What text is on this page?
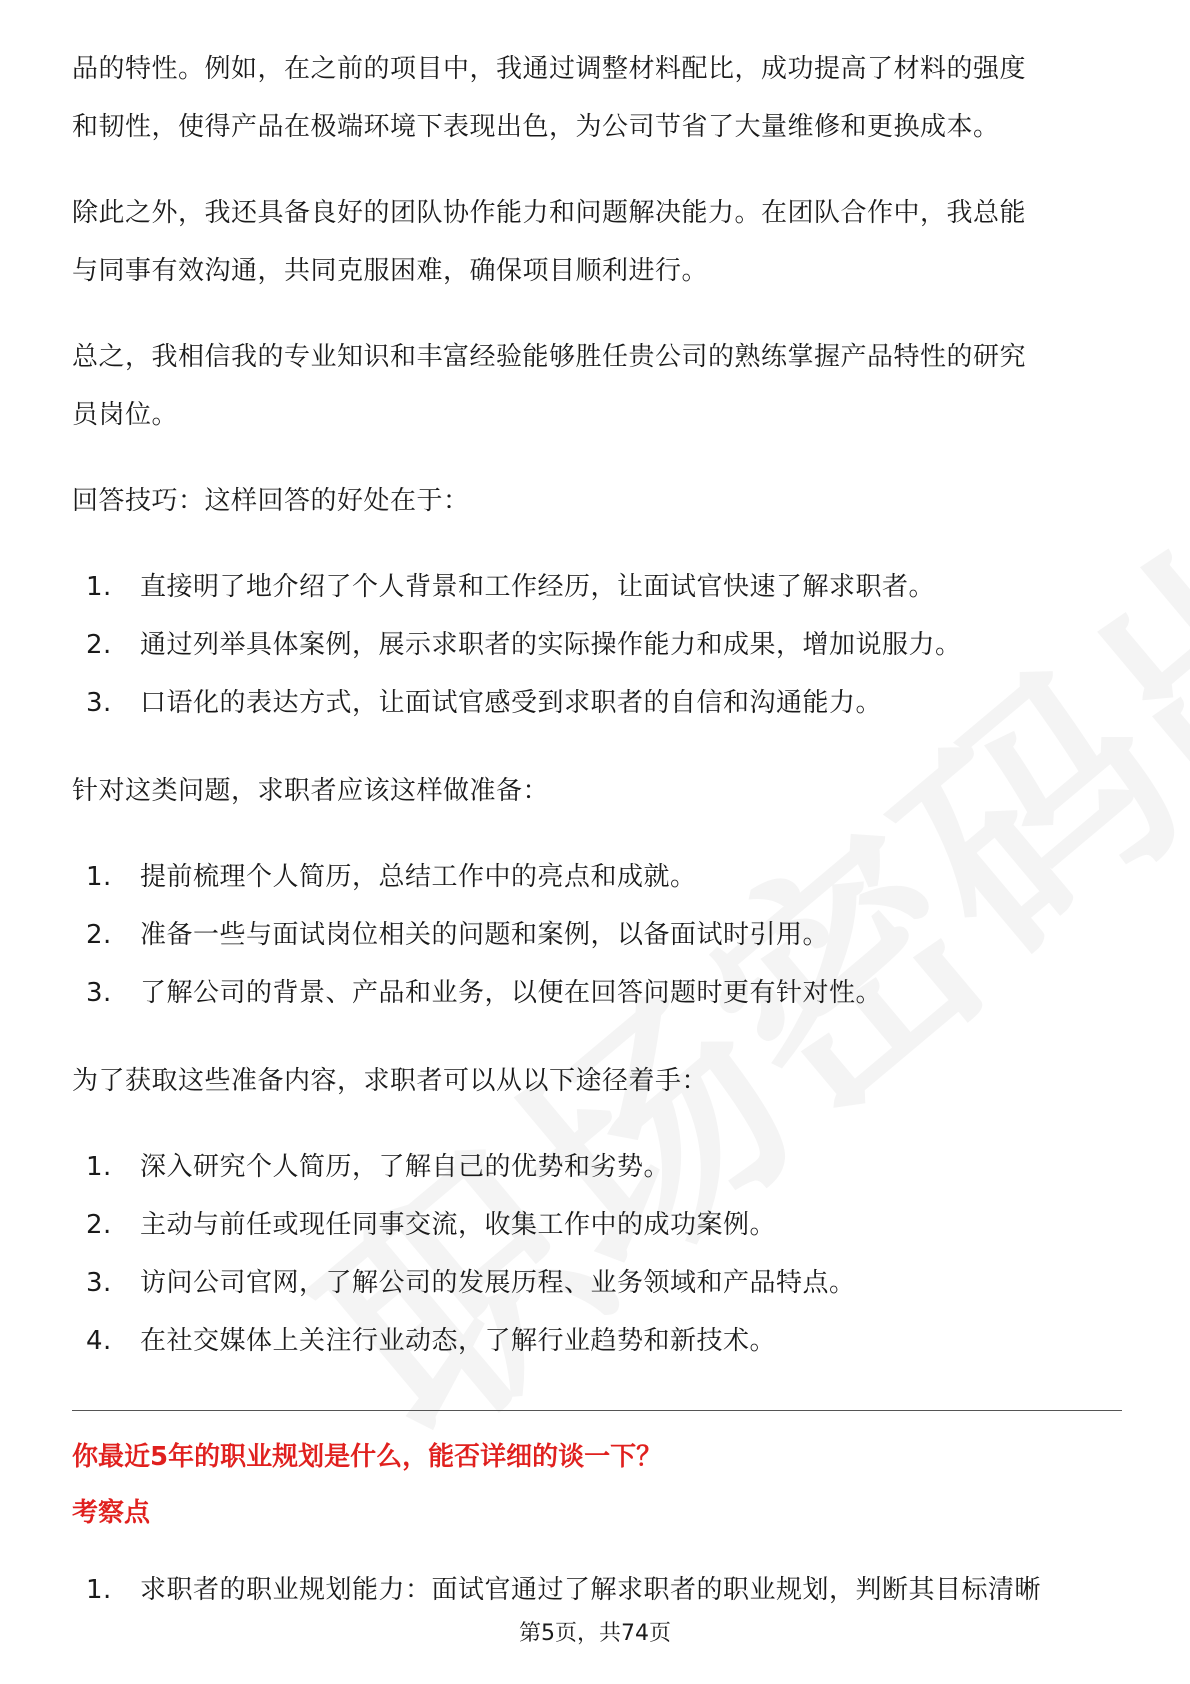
品的特性。例如，在之前的项目中，我通过调整材料配比，成功提高了材料的强度
和韧性，使得产品在极端环境下表现出色，为公司节省了大量维修和更换成本。

除此之外，我还具备良好的团队协作能力和问题解决能力。在团队合作中，我总能
与同事有效沟通，共同克服困难，确保项目顺利进行。

总之，我相信我的专业知识和丰富经验能够胜任贵公司的熟练掌握产品特性的研究
员岗位。

回答技巧：这样回答的好处在于：

1.	直接明了地介绍了个人背景和工作经历，让面试官快速了解求职者。
2.	通过列举具体案例，展示求职者的实际操作能力和成果，增加说服力。
3.	口语化的表达方式，让面试官感受到求职者的自信和沟通能力。

针对这类问题，求职者应该这样做准备：

1.	提前梳理个人简历，总结工作中的亮点和成就。
2.	准备一些与面试岗位相关的问题和案例，以备面试时引用。
3.	了解公司的背景、产品和业务，以便在回答问题时更有针对性。

为了获取这些准备内容，求职者可以从以下途径着手：

1.	深入研究个人简历，了解自己的优势和劣势。
2.	主动与前任或现任同事交流，收集工作中的成功案例。
3.	访问公司官网，了解公司的发展历程、业务领域和产品特点。
4.	在社交媒体上关注行业动态，了解行业趋势和新技术。

你最近5年的职业规划是什么，能否详细的谈一下？

考察点

1.	求职者的职业规划能力：面试官通过了解求职者的职业规划，判断其目标清晰
第5页，共74页
